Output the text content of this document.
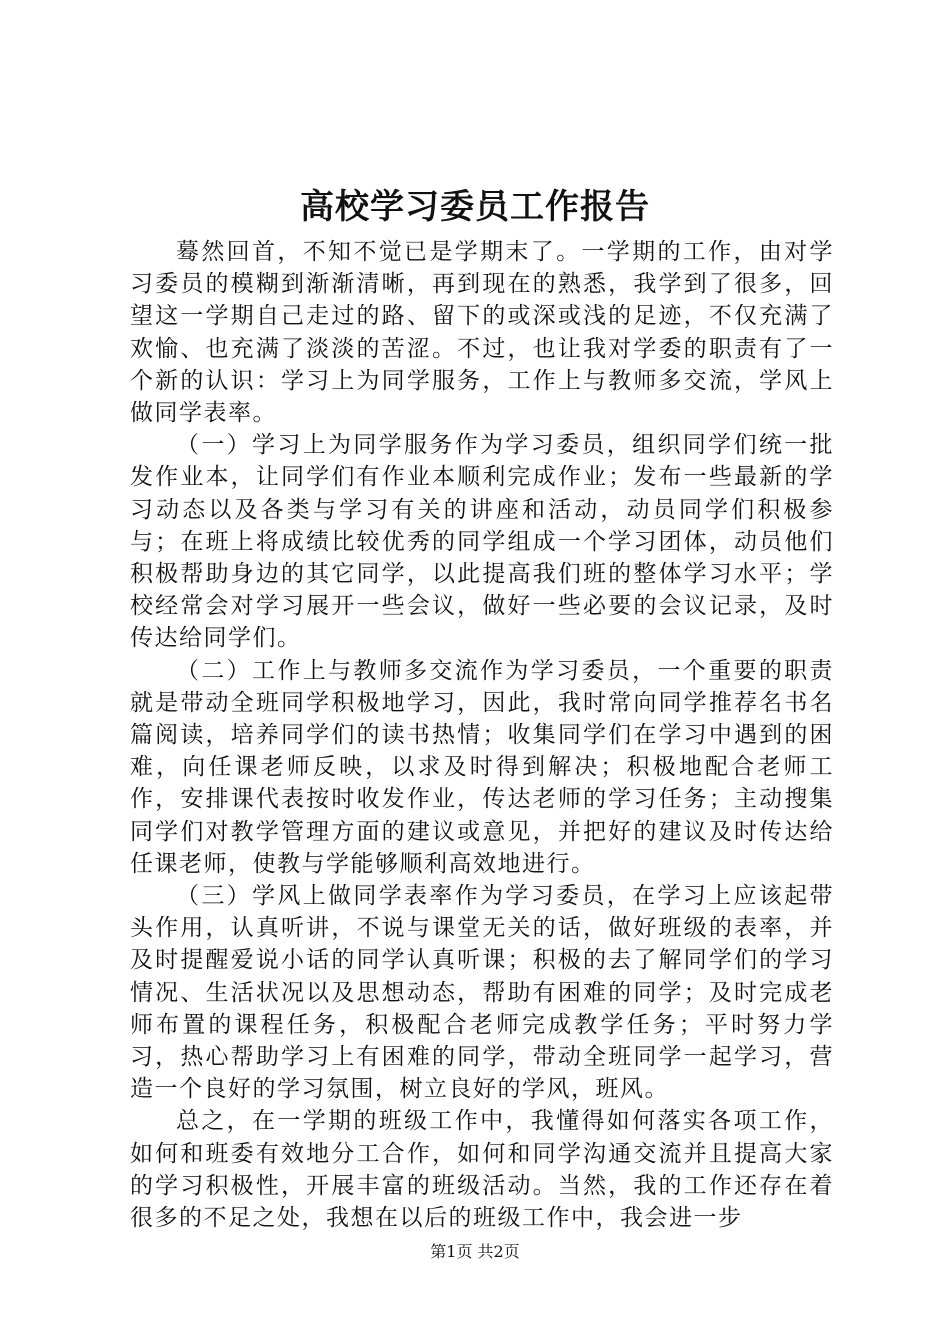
高校学习委员工作报告

蓦然回首，不知不觉已是学期末了。一学期的工作，由对学习委员的模糊到渐渐清晰，再到现在的熟悉，我学到了很多，回望这一学期自己走过的路、留下的或深或浅的足迹，不仅充满了欢愉、也充满了淡淡的苦涩。不过，也让我对学委的职责有了一个新的认识：学习上为同学服务，工作上与教师多交流，学风上做同学表率。

（一）学习上为同学服务作为学习委员，组织同学们统一批发作业本，让同学们有作业本顺利完成作业；发布一些最新的学习动态以及各类与学习有关的讲座和活动，动员同学们积极参与；在班上将成绩比较优秀的同学组成一个学习团体，动员他们积极帮助身边的其它同学，以此提高我们班的整体学习水平；学校经常会对学习展开一些会议，做好一些必要的会议记录，及时传达给同学们。

（二）工作上与教师多交流作为学习委员，一个重要的职责就是带动全班同学积极地学习，因此，我时常向同学推荐名书名篇阅读，培养同学们的读书热情；收集同学们在学习中遇到的困难，向任课老师反映，以求及时得到解决；积极地配合老师工作，安排课代表按时收发作业，传达老师的学习任务；主动搜集同学们对教学管理方面的建议或意见，并把好的建议及时传达给任课老师，使教与学能够顺利高效地进行。

（三）学风上做同学表率作为学习委员，在学习上应该起带头作用，认真听讲，不说与课堂无关的话，做好班级的表率，并及时提醒爱说小话的同学认真听课；积极的去了解同学们的学习情况、生活状况以及思想动态，帮助有困难的同学；及时完成老师布置的课程任务，积极配合老师完成教学任务；平时努力学习，热心帮助学习上有困难的同学，带动全班同学一起学习，营造一个良好的学习氛围，树立良好的学风，班风。

总之，在一学期的班级工作中，我懂得如何落实各项工作，如何和班委有效地分工合作，如何和同学沟通交流并且提高大家的学习积极性，开展丰富的班级活动。当然，我的工作还存在着很多的不足之处，我想在以后的班级工作中，我会进一步

第1页 共2页
